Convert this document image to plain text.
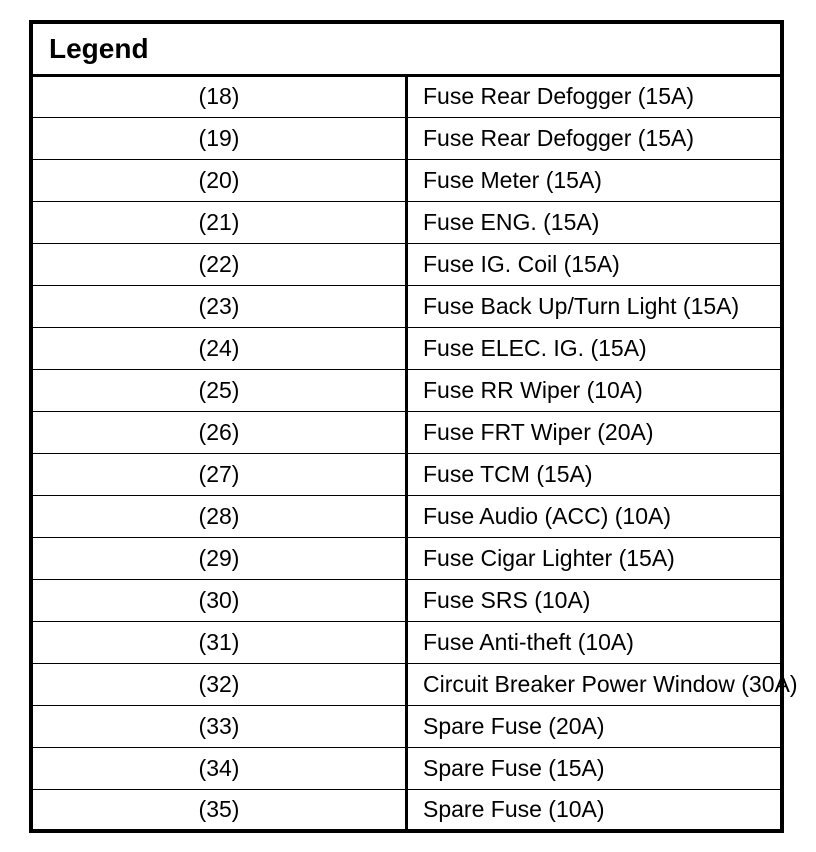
Legend	
(18)	Fuse Rear Defogger (15A)
(19)	Fuse Rear Defogger (15A)
(20)	Fuse Meter (15A)
(21)	Fuse ENG. (15A)
(22)	Fuse IG. Coil (15A)
(23)	Fuse Back Up/Turn Light (15A)
(24)	Fuse ELEC. IG. (15A)
(25)	Fuse RR Wiper (10A)
(26)	Fuse FRT Wiper (20A)
(27)	Fuse TCM (15A)
(28)	Fuse Audio (ACC) (10A)
(29)	Fuse Cigar Lighter (15A)
(30)	Fuse SRS (10A)
(31)	Fuse Anti-theft (10A)
(32)	Circuit Breaker Power Window (30A)
(33)	Spare Fuse (20A)
(34)	Spare Fuse (15A)
(35)	Spare Fuse (10A)
